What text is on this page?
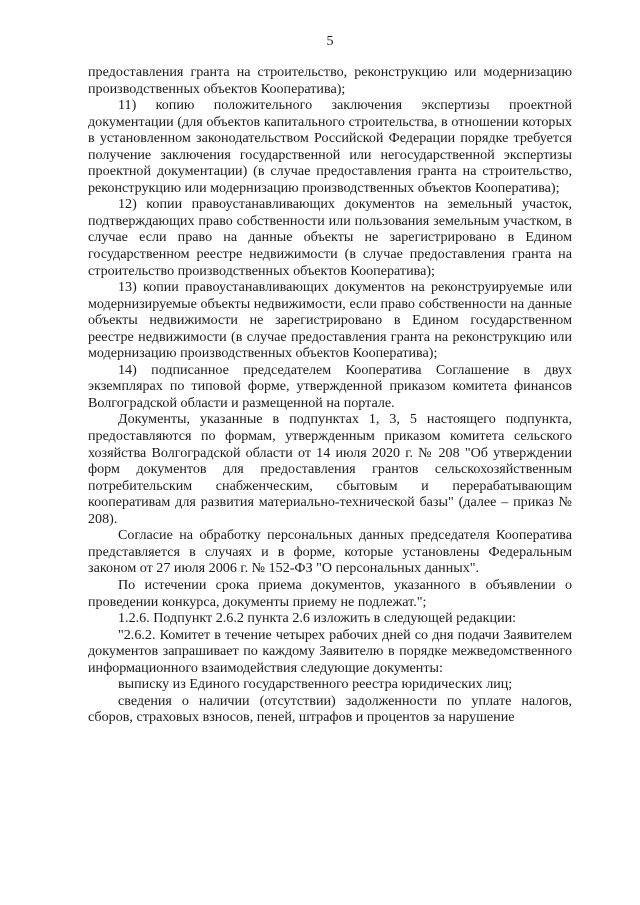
5

предоставления гранта на строительство, реконструкцию или модернизацию производственных объектов Кооператива);

11) копию положительного заключения экспертизы проектной документации (для объектов капитального строительства, в отношении которых в установленном законодательством Российской Федерации порядке требуется получение заключения государственной или негосударственной экспертизы проектной документации) (в случае предоставления гранта на строительство, реконструкцию или модернизацию производственных объектов Кооператива);

12) копии правоустанавливающих документов на земельный участок, подтверждающих право собственности или пользования земельным участком, в случае если право на данные объекты не зарегистрировано в Едином государственном реестре недвижимости (в случае предоставления гранта на строительство производственных объектов Кооператива);

13) копии правоустанавливающих документов на реконструируемые или модернизируемые объекты недвижимости, если право собственности на данные объекты недвижимости не зарегистрировано в Едином государственном реестре недвижимости (в случае предоставления гранта на реконструкцию или модернизацию производственных объектов Кооператива);

14) подписанное председателем Кооператива Соглашение в двух экземплярах по типовой форме, утвержденной приказом комитета финансов Волгоградской области и размещенной на портале.

Документы, указанные в подпунктах 1, 3, 5 настоящего подпункта, предоставляются по формам, утвержденным приказом комитета сельского хозяйства Волгоградской области от 14 июля 2020 г. № 208 "Об утверждении форм документов для предоставления грантов сельскохозяйственным потребительским снабженческим, сбытовым и перерабатывающим кооперативам для развития материально-технической базы" (далее – приказ № 208).

Согласие на обработку персональных данных председателя Кооператива представляется в случаях и в форме, которые установлены Федеральным законом от 27 июля 2006 г. № 152-ФЗ "О персональных данных".

По истечении срока приема документов, указанного в объявлении о проведении конкурса, документы приему не подлежат.";

1.2.6. Подпункт 2.6.2 пункта 2.6 изложить в следующей редакции:

"2.6.2. Комитет в течение четырех рабочих дней со дня подачи Заявителем документов запрашивает по каждому Заявителю в порядке межведомственного информационного взаимодействия следующие документы:

выписку из Единого государственного реестра юридических лиц;

сведения о наличии (отсутствии) задолженности по уплате налогов, сборов, страховых взносов, пеней, штрафов и процентов за нарушение
